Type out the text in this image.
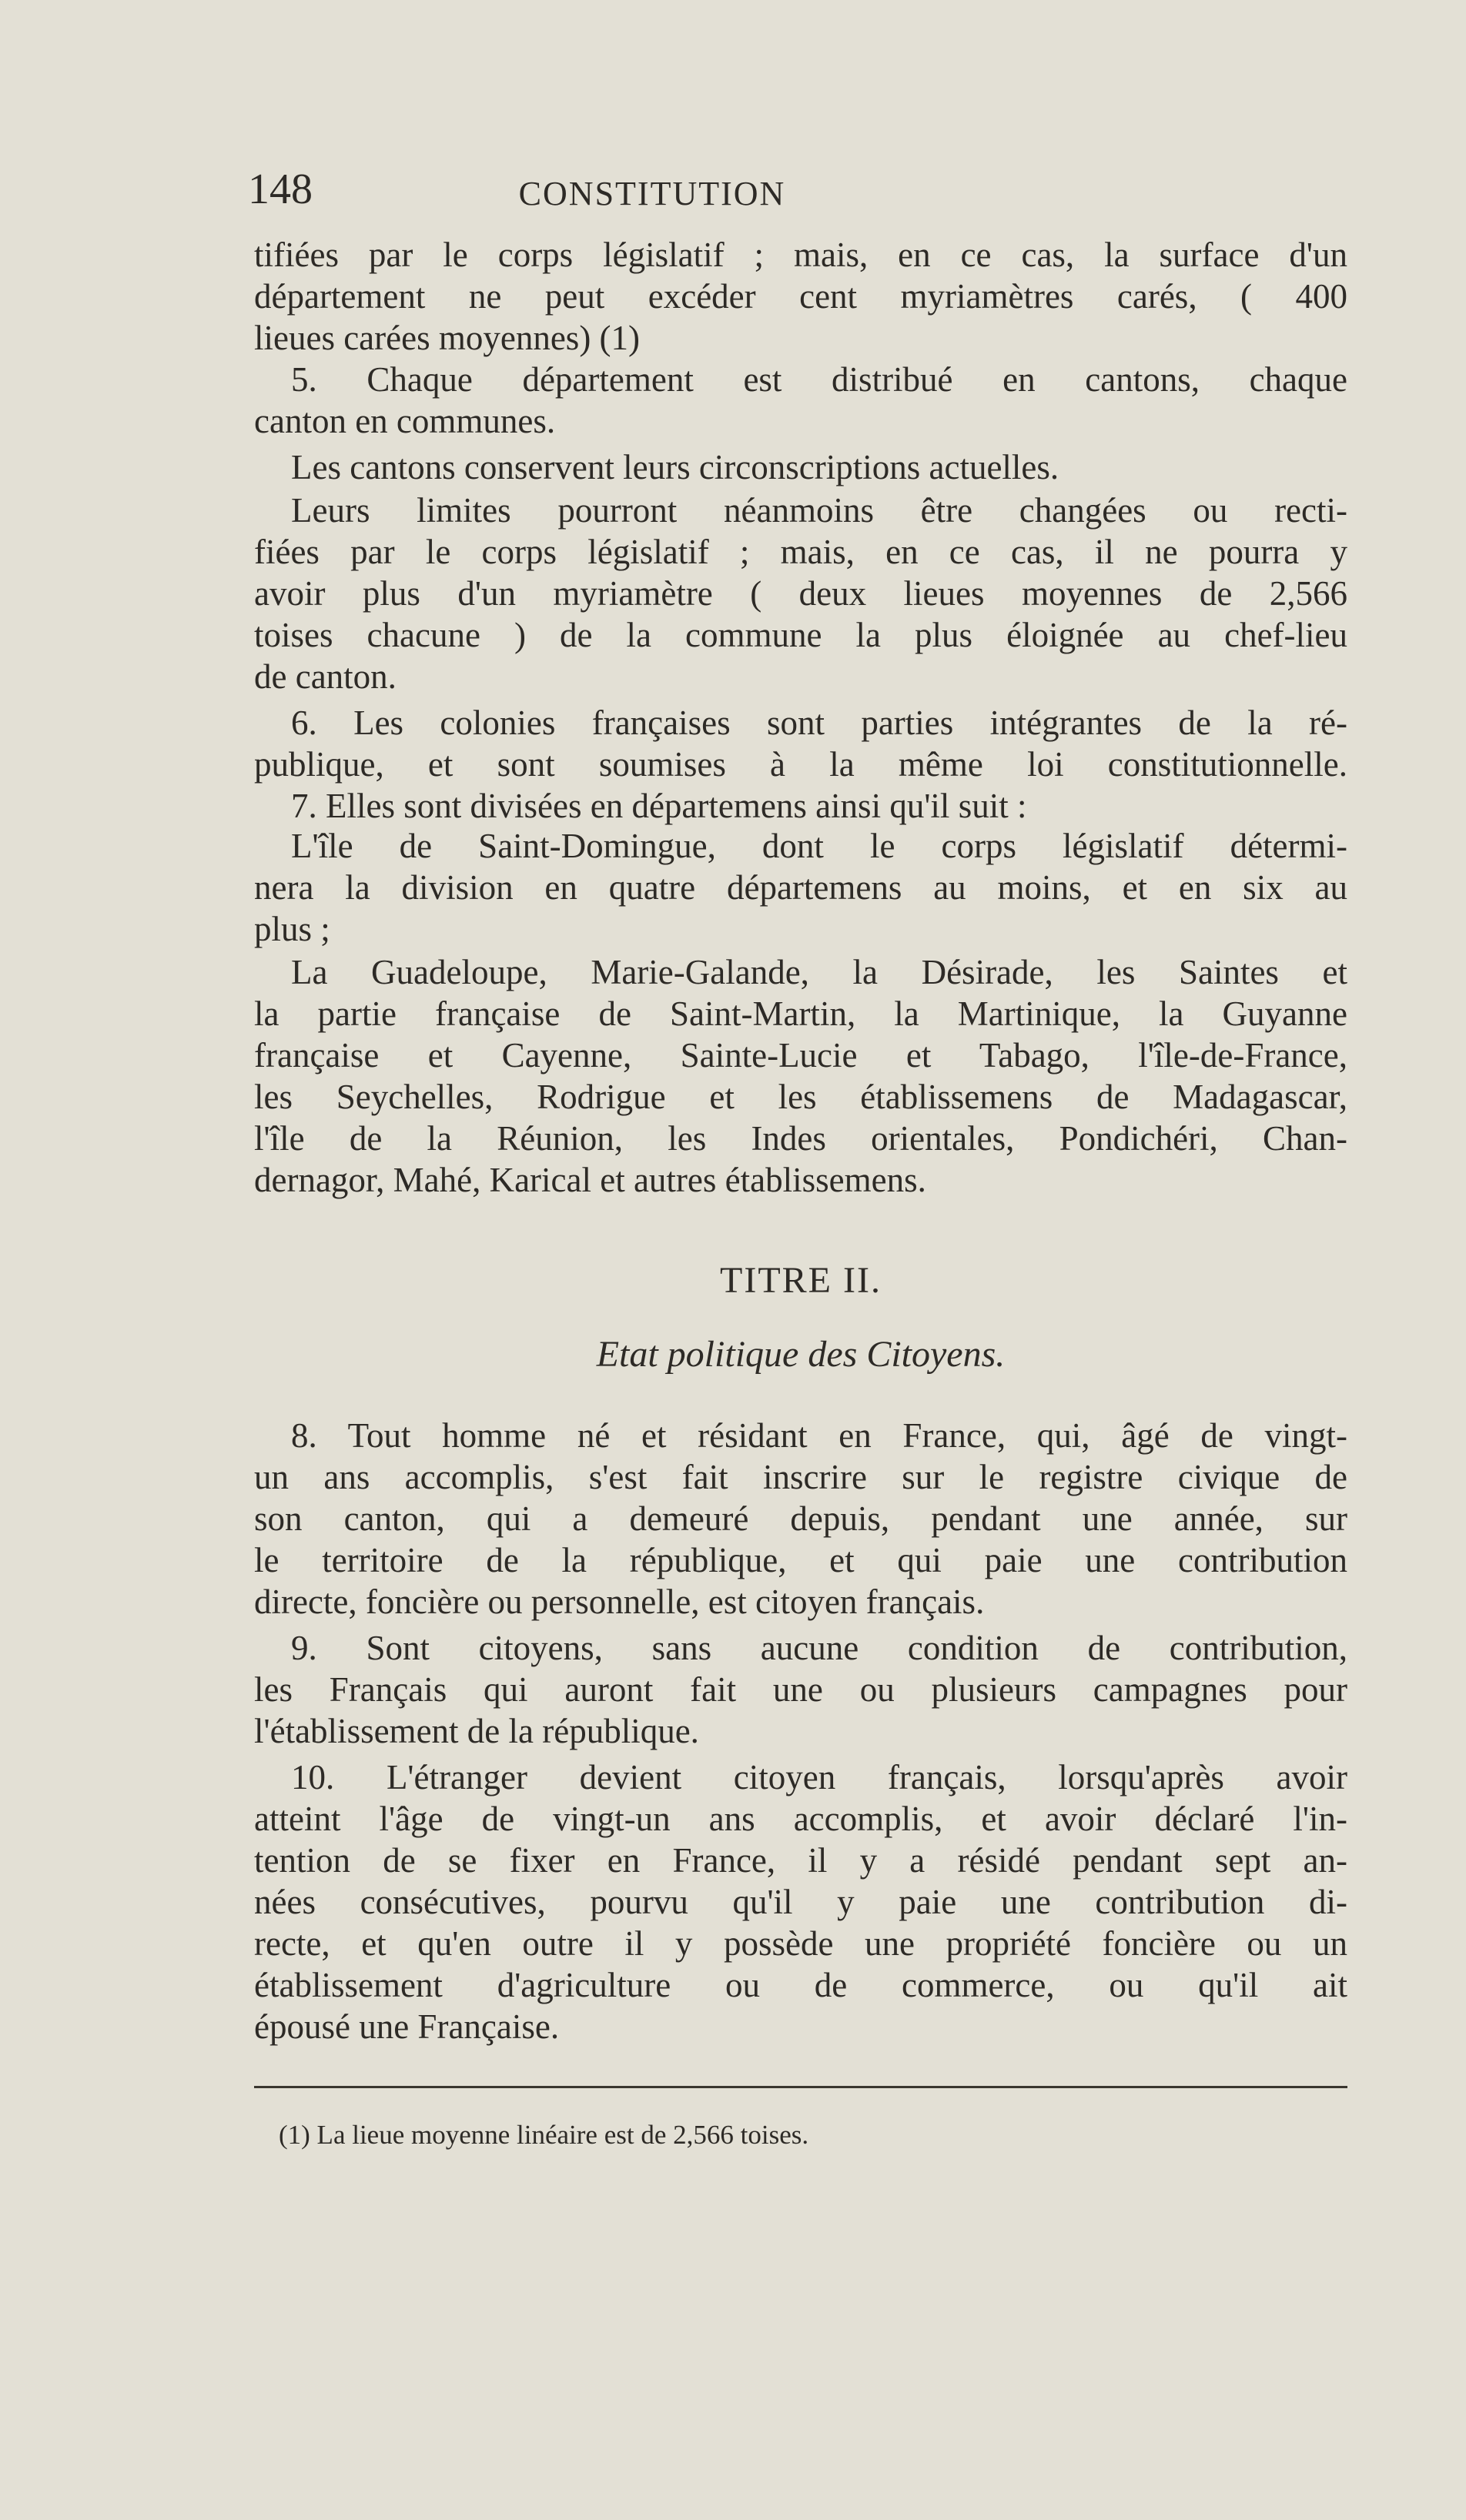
148	CONSTITUTION
tifiées par le corps législatif ; mais, en ce cas, la surface d'un
département ne peut excéder cent myriamètres carés, ( 400
lieues carées moyennes) (1)
5. Chaque département est distribué en cantons, chaque
canton en communes.
Les cantons conservent leurs circonscriptions actuelles.
Leurs limites pourront néanmoins être changées ou recti-
fiées par le corps législatif ; mais, en ce cas, il ne pourra y
avoir plus d'un myriamètre ( deux lieues moyennes de 2,566
toises chacune ) de la commune la plus éloignée au chef-lieu
de canton.
6. Les colonies françaises sont parties intégrantes de la ré-
publique, et sont soumises à la même loi constitutionnelle.
7. Elles sont divisées en départemens ainsi qu'il suit :
L'île de Saint-Domingue, dont le corps législatif détermi-
nera la division en quatre départemens au moins, et en six au
plus ;
La Guadeloupe, Marie-Galande, la Désirade, les Saintes et
la partie française de Saint-Martin, la Martinique, la Guyanne
française et Cayenne, Sainte-Lucie et Tabago, l'île-de-France,
les Seychelles, Rodrigue et les établissemens de Madagascar,
l'île de la Réunion, les Indes orientales, Pondichéri, Chan-
dernagor, Mahé, Karical et autres établissemens.
TITRE II.
Etat politique des Citoyens.
8. Tout homme né et résidant en France, qui, âgé de vingt-
un ans accomplis, s'est fait inscrire sur le registre civique de
son canton, qui a demeuré depuis, pendant une année, sur
le territoire de la république, et qui paie une contribution
directe, foncière ou personnelle, est citoyen français.
9. Sont citoyens, sans aucune condition de contribution,
les Français qui auront fait une ou plusieurs campagnes pour
l'établissement de la république.
10. L'étranger devient citoyen français, lorsqu'après avoir
atteint l'âge de vingt-un ans accomplis, et avoir déclaré l'in-
tention de se fixer en France, il y a résidé pendant sept an-
nées consécutives, pourvu qu'il y paie une contribution di-
recte, et qu'en outre il y possède une propriété foncière ou un
établissement d'agriculture ou de commerce, ou qu'il ait
épousé une Française.
(1) La lieue moyenne linéaire est de 2,566 toises.
